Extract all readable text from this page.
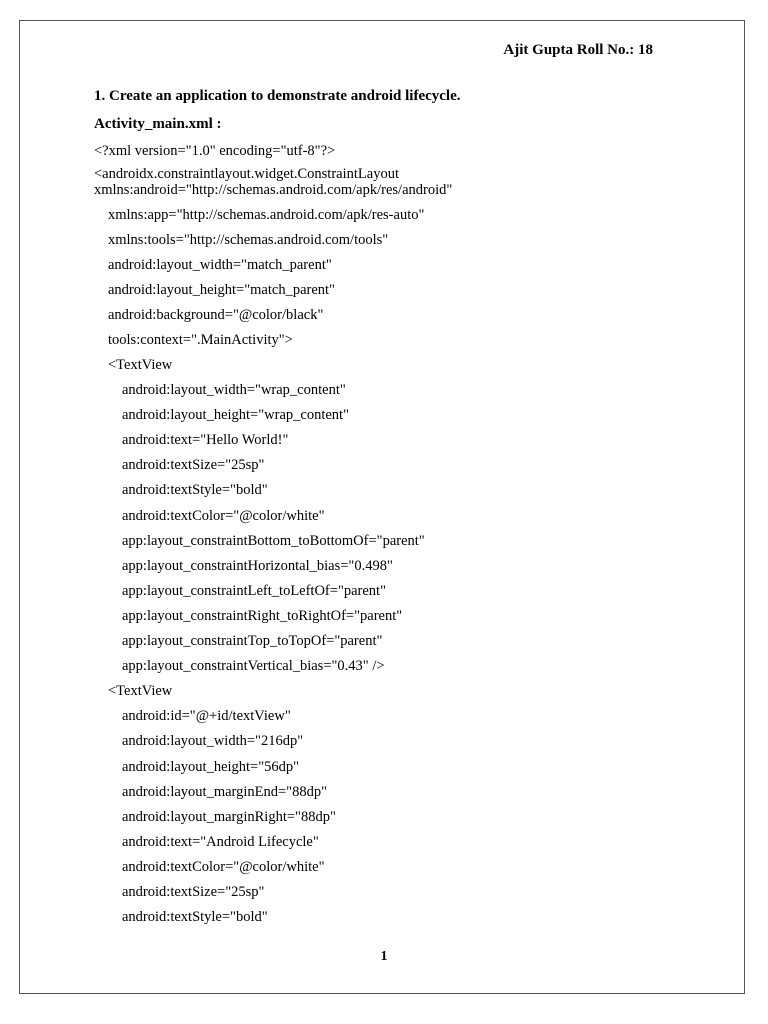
Ajit Gupta Roll No.: 18
1. Create an application to demonstrate android lifecycle.
Activity_main.xml :
<?xml version="1.0" encoding="utf-8"?>
<androidx.constraintlayout.widget.ConstraintLayout
xmlns:android="http://schemas.android.com/apk/res/android"
xmlns:app="http://schemas.android.com/apk/res-auto"
xmlns:tools="http://schemas.android.com/tools"
android:layout_width="match_parent"
android:layout_height="match_parent"
android:background="@color/black"
tools:context=".MainActivity">
<TextView
android:layout_width="wrap_content"
android:layout_height="wrap_content"
android:text="Hello World!"
android:textSize="25sp"
android:textStyle="bold"
android:textColor="@color/white"
app:layout_constraintBottom_toBottomOf="parent"
app:layout_constraintHorizontal_bias="0.498"
app:layout_constraintLeft_toLeftOf="parent"
app:layout_constraintRight_toRightOf="parent"
app:layout_constraintTop_toTopOf="parent"
app:layout_constraintVertical_bias="0.43" />
<TextView
android:id="@+id/textView"
android:layout_width="216dp"
android:layout_height="56dp"
android:layout_marginEnd="88dp"
android:layout_marginRight="88dp"
android:text="Android Lifecycle"
android:textColor="@color/white"
android:textSize="25sp"
android:textStyle="bold"
1
